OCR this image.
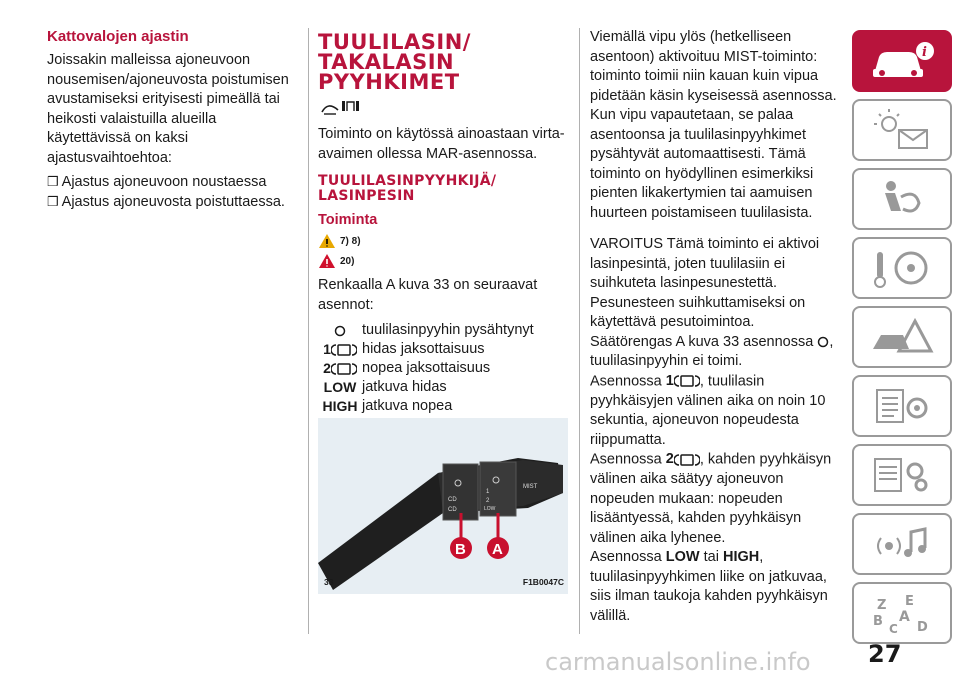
Kattovalojen ajastin

Joissakin malleissa ajoneuvoon nousemisen/ajoneuvosta poistumisen avustamiseksi erityisesti pimeällä tai heikosti valaistuilla alueilla käytettävissä on kaksi ajastusvaihtoehtoa:

❒ Ajastus ajoneuvoon noustaessa

❒ Ajastus ajoneuvosta poistuttaessa.

TUULILASIN/
TAKALASIN
PYYHKIMET

Toiminto on käytössä ainoastaan virta-avaimen ollessa MAR-asennossa.

TUULILASINPYYHKIJÄ/
LASINPESIN
Toiminta
7) 8)
20)

Renkaalla A kuva 33 on seuraavat asennot:

tuulilasinpyyhin pysähtynyt
1 hidas jaksottaisuus
2 nopea jaksottaisuus
LOW jatkuva hidas
HIGH jatkuva nopea
CD
CD
1
2
LOW
MIST
B A
33	F1B0047C

Viemällä vipu ylös (hetkelliseen asentoon) aktivoituu MIST-toiminto: toiminto toimii niin kauan kuin vipua pidetään käsin kyseisessä asennossa. Kun vipu vapautetaan, se palaa asentoonsa ja tuulilasinpyyhkimet pysähtyvät automaattisesti. Tämä toiminto on hyödyllinen esimerkiksi pienten likakertymien tai aamuisen huurteen poistamiseen tuulilasista.

VAROITUS Tämä toiminto ei aktivoi lasinpesintä, joten tuulilasiin ei suihkuteta lasinpesunestettä. Pesunesteen suihkuttamiseksi on käytettävä pesutoimintoa.

Säätörengas A kuva 33 asennossa , tuulilasinpyyhin ei toimi.

Asennossa 1 , tuulilasin pyyhkäisyjen välinen aika on noin 10 sekuntia, ajoneuvon nopeudesta riippumatta.

Asennossa 2 , kahden pyyhkäisyn välinen aika säätyy ajoneuvon nopeuden mukaan: nopeuden lisääntyessä, kahden pyyhkäisyn välinen aika lyhenee.

Asennossa LOW tai HIGH, tuulilasinpyyhkimen liike on jatkuvaa, siis ilman taukoja kahden pyyhkäisyn välillä.

i
Z E
B A
C D
27
carmanualsonline.info
